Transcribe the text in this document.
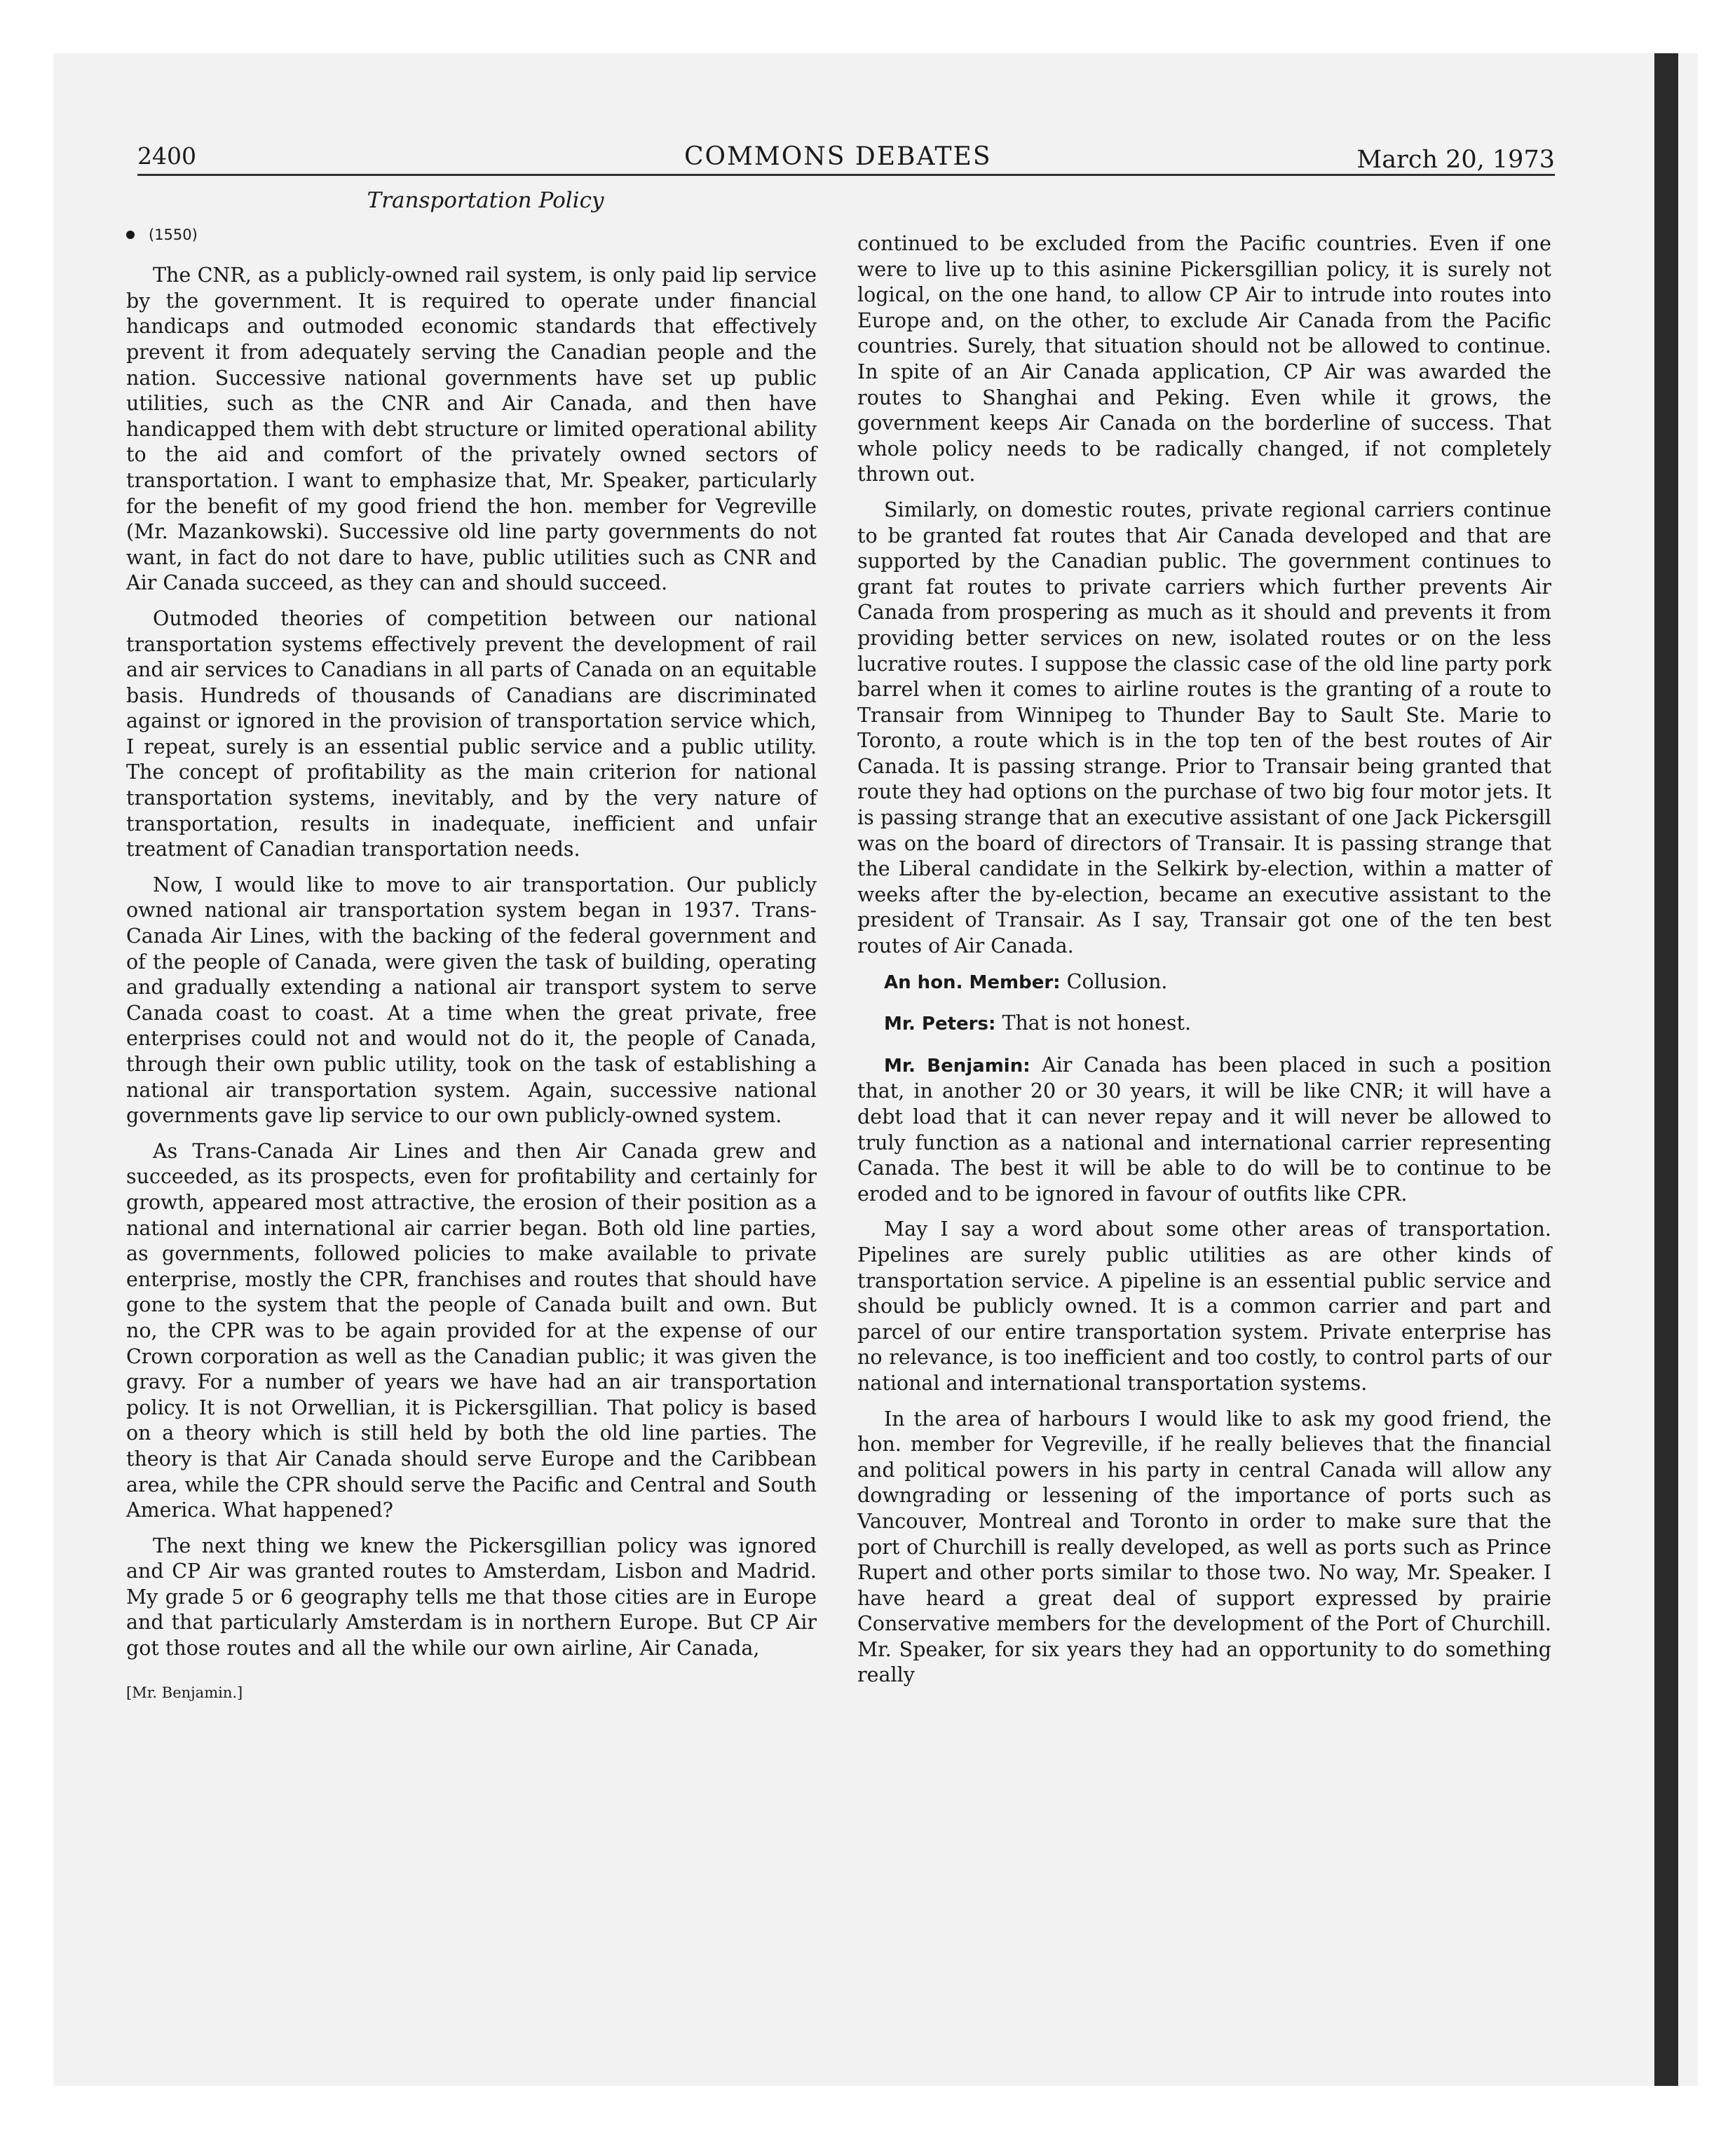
2400	COMMONS DEBATES	March 20, 1973
Transportation Policy
(1550)

The CNR, as a publicly-owned rail system, is only paid lip service by the government. It is required to operate under financial handicaps and outmoded economic standards that effectively prevent it from adequately serving the Canadian people and the nation. Successive national governments have set up public utilities, such as the CNR and Air Canada, and then have handicapped them with debt structure or limited operational ability to the aid and comfort of the privately owned sectors of transportation. I want to emphasize that, Mr. Speaker, particularly for the benefit of my good friend the hon. member for Vegreville (Mr. Mazankowski). Successive old line party governments do not want, in fact do not dare to have, public utilities such as CNR and Air Canada succeed, as they can and should succeed.

Outmoded theories of competition between our national transportation systems effectively prevent the development of rail and air services to Canadians in all parts of Canada on an equitable basis. Hundreds of thousands of Canadians are discriminated against or ignored in the provision of transportation service which, I repeat, surely is an essential public service and a public utility. The concept of profitability as the main criterion for national transportation systems, inevitably, and by the very nature of transportation, results in inadequate, inefficient and unfair treatment of Canadian transportation needs.

Now, I would like to move to air transportation. Our publicly owned national air transportation system began in 1937. Trans-Canada Air Lines, with the backing of the federal government and of the people of Canada, were given the task of building, operating and gradually extending a national air transport system to serve Canada coast to coast. At a time when the great private, free enterprises could not and would not do it, the people of Canada, through their own public utility, took on the task of establishing a national air transportation system. Again, successive national governments gave lip service to our own publicly-owned system.

As Trans-Canada Air Lines and then Air Canada grew and succeeded, as its prospects, even for profitability and certainly for growth, appeared most attractive, the erosion of their position as a national and international air carrier began. Both old line parties, as governments, followed policies to make available to private enterprise, mostly the CPR, franchises and routes that should have gone to the system that the people of Canada built and own. But no, the CPR was to be again provided for at the expense of our Crown corporation as well as the Canadian public; it was given the gravy. For a number of years we have had an air transportation policy. It is not Orwellian, it is Pickersgillian. That policy is based on a theory which is still held by both the old line parties. The theory is that Air Canada should serve Europe and the Caribbean area, while the CPR should serve the Pacific and Central and South America. What happened?

The next thing we knew the Pickersgillian policy was ignored and CP Air was granted routes to Amsterdam, Lisbon and Madrid. My grade 5 or 6 geography tells me that those cities are in Europe and that particularly Amsterdam is in northern Europe. But CP Air got those routes and all the while our own airline, Air Canada,

[Mr. Benjamin.]

continued to be excluded from the Pacific countries. Even if one were to live up to this asinine Pickersgillian policy, it is surely not logical, on the one hand, to allow CP Air to intrude into routes into Europe and, on the other, to exclude Air Canada from the Pacific countries. Surely, that situation should not be allowed to continue. In spite of an Air Canada application, CP Air was awarded the routes to Shanghai and Peking. Even while it grows, the government keeps Air Canada on the borderline of success. That whole policy needs to be radically changed, if not completely thrown out.

Similarly, on domestic routes, private regional carriers continue to be granted fat routes that Air Canada developed and that are supported by the Canadian public. The government continues to grant fat routes to private carriers which further prevents Air Canada from prospering as much as it should and prevents it from providing better services on new, isolated routes or on the less lucrative routes. I suppose the classic case of the old line party pork barrel when it comes to airline routes is the granting of a route to Transair from Winnipeg to Thunder Bay to Sault Ste. Marie to Toronto, a route which is in the top ten of the best routes of Air Canada. It is passing strange. Prior to Transair being granted that route they had options on the purchase of two big four motor jets. It is passing strange that an executive assistant of one Jack Pickersgill was on the board of directors of Transair. It is passing strange that the Liberal candidate in the Selkirk by-election, within a matter of weeks after the by-election, became an executive assistant to the president of Transair. As I say, Transair got one of the ten best routes of Air Canada.

An hon. Member: Collusion.

Mr. Peters: That is not honest.

Mr. Benjamin: Air Canada has been placed in such a position that, in another 20 or 30 years, it will be like CNR; it will have a debt load that it can never repay and it will never be allowed to truly function as a national and international carrier representing Canada. The best it will be able to do will be to continue to be eroded and to be ignored in favour of outfits like CPR.

May I say a word about some other areas of transportation. Pipelines are surely public utilities as are other kinds of transportation service. A pipeline is an essential public service and should be publicly owned. It is a common carrier and part and parcel of our entire transportation system. Private enterprise has no relevance, is too inefficient and too costly, to control parts of our national and international transportation systems.

In the area of harbours I would like to ask my good friend, the hon. member for Vegreville, if he really believes that the financial and political powers in his party in central Canada will allow any downgrading or lessening of the importance of ports such as Vancouver, Montreal and Toronto in order to make sure that the port of Churchill is really developed, as well as ports such as Prince Rupert and other ports similar to those two. No way, Mr. Speaker. I have heard a great deal of support expressed by prairie Conservative members for the development of the Port of Churchill. Mr. Speaker, for six years they had an opportunity to do something really
